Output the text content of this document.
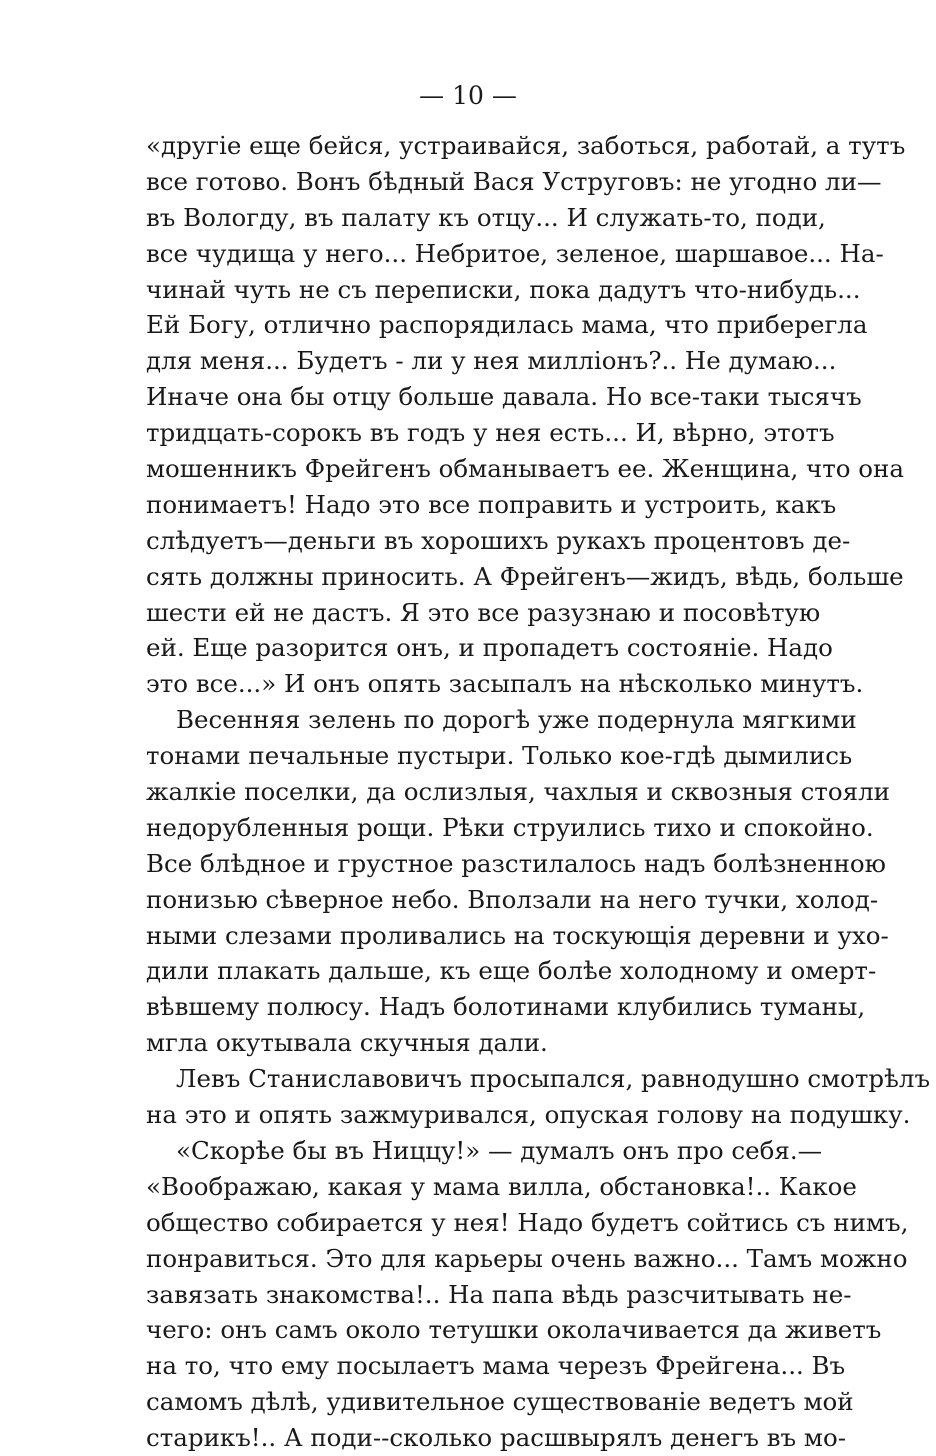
— 10 —
«другіе еще бейся, устраивайся, заботься, работай, а тутъ
все готово. Вонъ бѣдный Вася Уструговъ: не угодно ли—
въ Вологду, въ палату къ отцу... И служать-то, поди,
все чудища у него... Небритое, зеленое, шаршавое... На-
чинай чуть не съ переписки, пока дадутъ что-нибудь...
Ей Богу, отлично распорядилась мама, что приберегла
для меня... Будетъ - ли у нея милліонъ?.. Не думаю...
Иначе она бы отцу больше давала. Но все-таки тысячъ
тридцать-сорокъ въ годъ у нея есть... И, вѣрно, этотъ
мошенникъ Фрейгенъ обманываетъ ее. Женщина, что она
понимаетъ! Надо это все поправить и устроить, какъ
слѣдуетъ—деньги въ хорошихъ рукахъ процентовъ де-
сять должны приносить. А Фрейгенъ—жидъ, вѣдь, больше
шести ей не дастъ. Я это все разузнаю и посовѣтую
ей. Еще разорится онъ, и пропадетъ состояніе. Надо
это все...» И онъ опять засыпалъ на нѣсколько минутъ.
Весенняя зелень по дорогѣ уже подернула мягкими
тонами печальные пустыри. Только кое-гдѣ дымились
жалкіе поселки, да ослизлыя, чахлыя и сквозныя стояли
недорубленныя рощи. Рѣки струились тихо и спокойно.
Все блѣдное и грустное разстилалось надъ болѣзненною
понизью сѣверное небо. Вползали на него тучки, холод-
ными слезами проливались на тоскующія деревни и ухо-
дили плакать дальше, къ еще болѣе холодному и омерт-
вѣвшему полюсу. Надъ болотинами клубились туманы,
мгла окутывала скучныя дали.
Левъ Станиславовичъ просыпался, равнодушно смотрѣлъ
на это и опять зажмуривался, опуская голову на подушку.
«Скорѣе бы въ Ниццу!» — думалъ онъ про себя.—
«Воображаю, какая у мама вилла, обстановка!.. Какое
общество собирается у нея! Надо будетъ сойтись съ нимъ,
понравиться. Это для карьеры очень важно... Тамъ можно
завязать знакомства!.. На папа вѣдь разсчитывать не-
чего: онъ самъ около тетушки околачивается да живетъ
на то, что ему посылаетъ мама черезъ Фрейгена... Въ
самомъ дѣлѣ, удивительное существованіе ведетъ мой
старикъ!.. А поди--сколько расшвырялъ денегъ въ мо-
